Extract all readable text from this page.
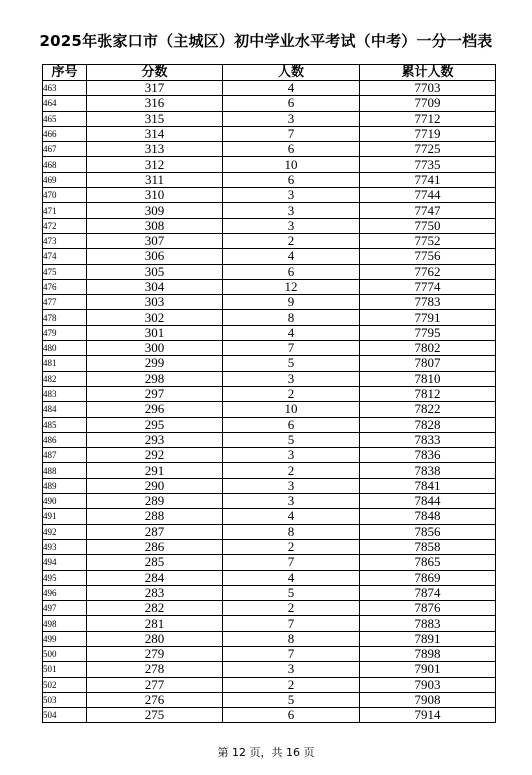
2025年张家口市（主城区）初中学业水平考试（中考）一分一档表
序号	分数	人数	累计人数
463	317	4	7703
464	316	6	7709
465	315	3	7712
466	314	7	7719
467	313	6	7725
468	312	10	7735
469	311	6	7741
470	310	3	7744
471	309	3	7747
472	308	3	7750
473	307	2	7752
474	306	4	7756
475	305	6	7762
476	304	12	7774
477	303	9	7783
478	302	8	7791
479	301	4	7795
480	300	7	7802
481	299	5	7807
482	298	3	7810
483	297	2	7812
484	296	10	7822
485	295	6	7828
486	293	5	7833
487	292	3	7836
488	291	2	7838
489	290	3	7841
490	289	3	7844
491	288	4	7848
492	287	8	7856
493	286	2	7858
494	285	7	7865
495	284	4	7869
496	283	5	7874
497	282	2	7876
498	281	7	7883
499	280	8	7891
500	279	7	7898
501	278	3	7901
502	277	2	7903
503	276	5	7908
504	275	6	7914
第 12 页，共 16 页
